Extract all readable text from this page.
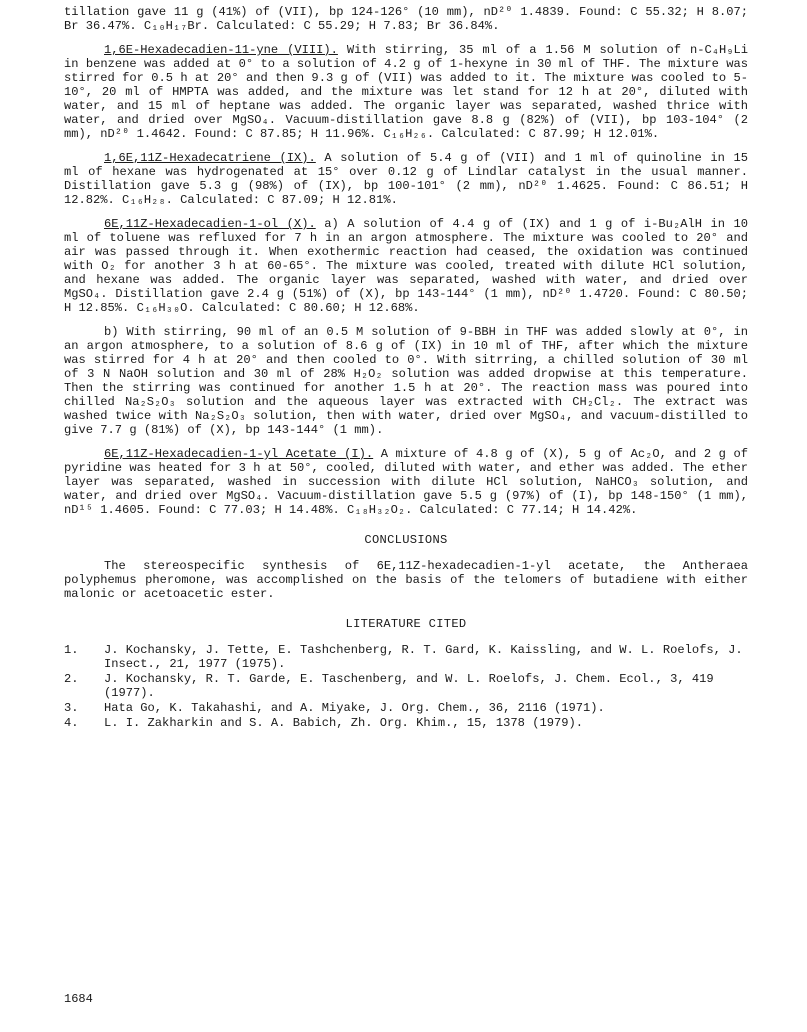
tillation gave 11 g (41%) of (VII), bp 124-126° (10 mm), nD²⁰ 1.4839. Found: C 55.32; H 8.07; Br 36.47%. C₁₀H₁₇Br. Calculated: C 55.29; H 7.83; Br 36.84%.

1,6E-Hexadecadien-11-yne (VIII). With stirring, 35 ml of a 1.56 M solution of n-C₄H₉Li in benzene was added at 0° to a solution of 4.2 g of 1-hexyne in 30 ml of THF. The mixture was stirred for 0.5 h at 20° and then 9.3 g of (VII) was added to it. The mixture was cooled to 5-10°, 20 ml of HMPTA was added, and the mixture was let stand for 12 h at 20°, diluted with water, and 15 ml of heptane was added. The organic layer was separated, washed thrice with water, and dried over MgSO₄. Vacuum-distillation gave 8.8 g (82%) of (VII), bp 103-104° (2 mm), nD²⁰ 1.4642. Found: C 87.85; H 11.96%. C₁₆H₂₆. Calculated: C 87.99; H 12.01%.

1,6E,11Z-Hexadecatriene (IX). A solution of 5.4 g of (VII) and 1 ml of quinoline in 15 ml of hexane was hydrogenated at 15° over 0.12 g of Lindlar catalyst in the usual manner. Distillation gave 5.3 g (98%) of (IX), bp 100-101° (2 mm), nD²⁰ 1.4625. Found: C 86.51; H 12.82%. C₁₆H₂₈. Calculated: C 87.09; H 12.81%.

6E,11Z-Hexadecadien-1-ol (X). a) A solution of 4.4 g of (IX) and 1 g of i-Bu₂AlH in 10 ml of toluene was refluxed for 7 h in an argon atmosphere. The mixture was cooled to 20° and air was passed through it. When exothermic reaction had ceased, the oxidation was continued with O₂ for another 3 h at 60-65°. The mixture was cooled, treated with dilute HCl solution, and hexane was added. The organic layer was separated, washed with water, and dried over MgSO₄. Distillation gave 2.4 g (51%) of (X), bp 143-144° (1 mm), nD²⁰ 1.4720. Found: C 80.50; H 12.85%. C₁₆H₃₀O. Calculated: C 80.60; H 12.68%.

b) With stirring, 90 ml of an 0.5 M solution of 9-BBH in THF was added slowly at 0°, in an argon atmosphere, to a solution of 8.6 g of (IX) in 10 ml of THF, after which the mixture was stirred for 4 h at 20° and then cooled to 0°. With sitrring, a chilled solution of 30 ml of 3 N NaOH solution and 30 ml of 28% H₂O₂ solution was added dropwise at this temperature. Then the stirring was continued for another 1.5 h at 20°. The reaction mass was poured into chilled Na₂S₂O₃ solution and the aqueous layer was extracted with CH₂Cl₂. The extract was washed twice with Na₂S₂O₃ solution, then with water, dried over MgSO₄, and vacuum-distilled to give 7.7 g (81%) of (X), bp 143-144° (1 mm).

6E,11Z-Hexadecadien-1-yl Acetate (I). A mixture of 4.8 g of (X), 5 g of Ac₂O, and 2 g of pyridine was heated for 3 h at 50°, cooled, diluted with water, and ether was added. The ether layer was separated, washed in succession with dilute HCl solution, NaHCO₃ solution, and water, and dried over MgSO₄. Vacuum-distillation gave 5.5 g (97%) of (I), bp 148-150° (1 mm), nD¹⁵ 1.4605. Found: C 77.03; H 14.48%. C₁₈H₃₂O₂. Calculated: C 77.14; H 14.42%.

CONCLUSIONS

The stereospecific synthesis of 6E,11Z-hexadecadien-1-yl acetate, the Antheraea polyphemus pheromone, was accomplished on the basis of the telomers of butadiene with either malonic or acetoacetic ester.

LITERATURE CITED
1. J. Kochansky, J. Tette, E. Tashchenberg, R. T. Gard, K. Kaissling, and W. L. Roelofs, J. Insect., 21, 1977 (1975).
2. J. Kochansky, R. T. Garde, E. Taschenberg, and W. L. Roelofs, J. Chem. Ecol., 3, 419 (1977).
3. Hata Go, K. Takahashi, and A. Miyake, J. Org. Chem., 36, 2116 (1971).
4. L. I. Zakharkin and S. A. Babich, Zh. Org. Khim., 15, 1378 (1979).
1684
